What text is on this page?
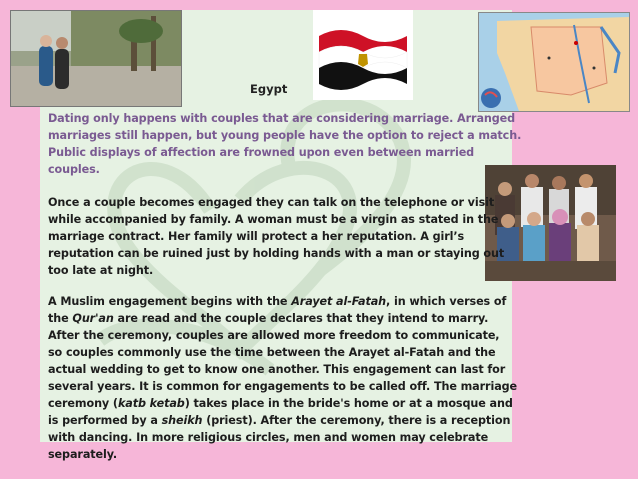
Egypt
Dating only happens with couples that are considering marriage. Arranged
marriages still happen, but young people have the option to reject a match.
Public displays of affection are frowned upon even between married
couples.
Once a couple becomes engaged they can talk on the telephone or visit
while accompanied by family. A woman must be a virgin as stated in the
marriage contract. Her family will protect a her reputation. A girl’s
reputation can be ruined just by holding hands with a man or staying out
too late at night.
A Muslim engagement begins with the Arayet al-Fatah, in which verses of
the Qur'an are read and the couple declares that they intend to marry.
After the ceremony, couples are allowed more freedom to communicate,
so couples commonly use the time between the Arayet al-Fatah and the
actual wedding to get to know one another. This engagement can last for
several years. It is common for engagements to be called off. The marriage
ceremony (katb ketab) takes place in the bride's home or at a mosque and
is performed by a sheikh (priest). After the ceremony, there is a reception
with dancing. In more religious circles, men and women may celebrate
separately.
